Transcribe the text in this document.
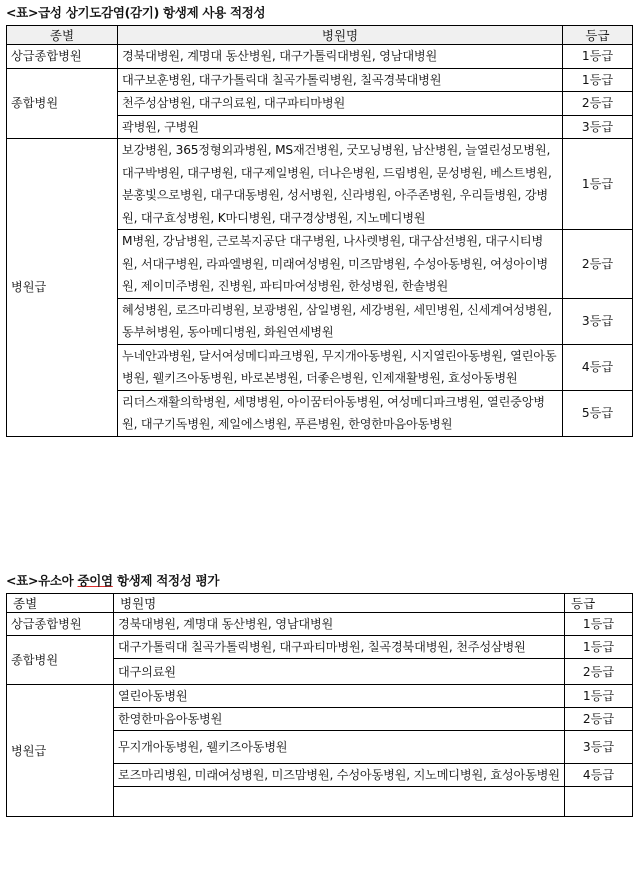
<표>급성 상기도감염(감기) 항생제 사용 적정성
종별	병원명	등급
상급종합병원	경북대병원, 계명대 동산병원, 대구가톨릭대병원, 영남대병원	1등급
종합병원	대구보훈병원, 대구가톨릭대 칠곡가톨릭병원, 칠곡경북대병원	1등급
	천주성삼병원, 대구의료원, 대구파티마병원	2등급
	곽병원, 구병원	3등급
병원급	보강병원, 365정형외과병원, MS재건병원, 굿모닝병원, 남산병원, 늘열린성모병원, 대구박병원, 대구병원, 대구제일병원, 더나은병원, 드림병원, 문성병원, 베스트병원, 분홍빛으로병원, 대구대동병원, 성서병원, 신라병원, 아주존병원, 우리들병원, 강병원, 대구효성병원, K마디병원, 대구경상병원, 지노메디병원	1등급
	M병원, 강남병원, 근로복지공단 대구병원, 나사렛병원, 대구삼선병원, 대구시티병원, 서대구병원, 라파엘병원, 미래여성병원, 미즈맘병원, 수성아동병원, 여성아이병원, 제이미주병원, 진병원, 파티마여성병원, 한성병원, 한솔병원	2등급
	혜성병원, 로즈마리병원, 보광병원, 삼일병원, 세강병원, 세민병원, 신세계여성병원, 동부허병원, 동아메디병원, 화원연세병원	3등급
	누네안과병원, 달서여성메디파크병원, 무지개아동병원, 시지열린아동병원, 열린아동병원, 웰키즈아동병원, 바로본병원, 더좋은병원, 인제재활병원, 효성아동병원	4등급
	리더스재활의학병원, 세명병원, 아이꿈터아동병원, 여성메디파크병원, 열린중앙병원, 대구기독병원, 제일에스병원, 푸른병원, 한영한마음아동병원	5등급
<표>유소아 중이염 항생제 적정성 평가
종별	병원명	등급
상급종합병원	경북대병원, 계명대 동산병원, 영남대병원	1등급
종합병원	대구가톨릭대 칠곡가톨릭병원, 대구파티마병원, 칠곡경북대병원, 천주성삼병원	1등급
	대구의료원	2등급
병원급	열린아동병원	1등급
	한영한마음아동병원	2등급
	무지개아동병원, 웰키즈아동병원	3등급
	로즈마리병원, 미래여성병원, 미즈맘병원, 수성아동병원, 지노메디병원, 효성아동병원	4등급
